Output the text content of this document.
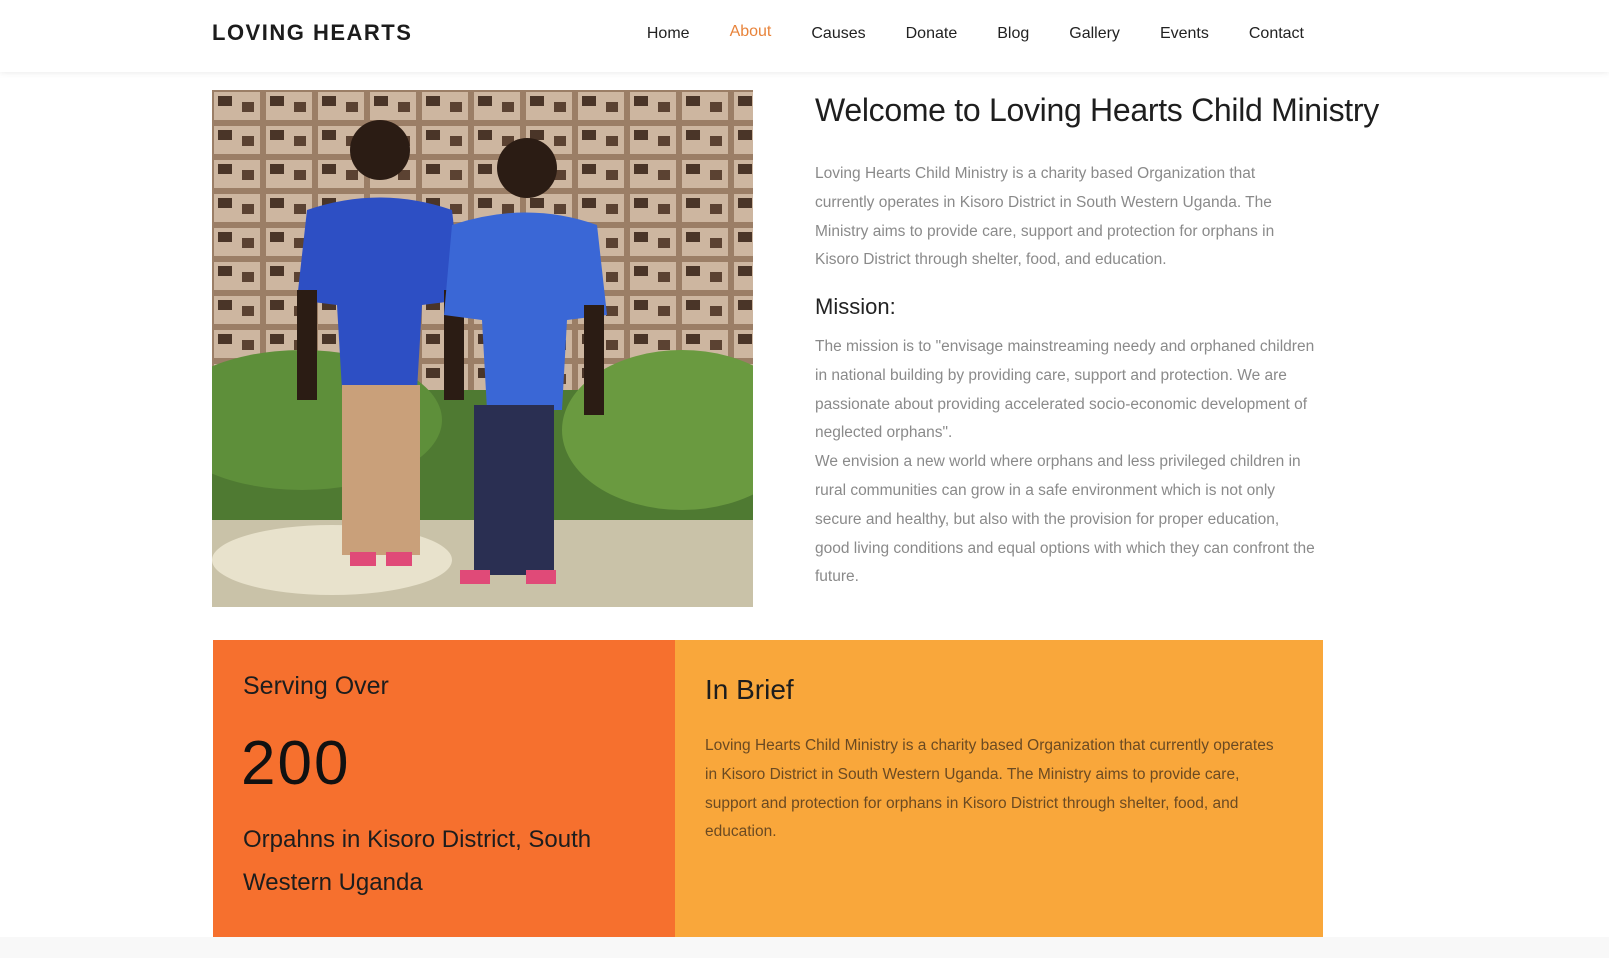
LOVING HEARTS	Home	About	Causes	Donate	Blog	Gallery	Events	Contact
Welcome to Loving Hearts Child Ministry

Loving Hearts Child Ministry is a charity based Organization that currently operates in Kisoro District in South Western Uganda. The Ministry aims to provide care, support and protection for orphans in Kisoro District through shelter, food, and education.

Mission:

The mission is to "envisage mainstreaming needy and orphaned children in national building by providing care, support and protection. We are passionate about providing accelerated socio-economic development of neglected orphans".

We envision a new world where orphans and less privileged children in rural communities can grow in a safe environment which is not only secure and healthy, but also with the provision for proper education, good living conditions and equal options with which they can confront the future.

Serving Over
200
Orpahns in Kisoro District, South Western Uganda
In Brief

Loving Hearts Child Ministry is a charity based Organization that currently operates in Kisoro District in South Western Uganda. The Ministry aims to provide care, support and protection for orphans in Kisoro District through shelter, food, and education.
